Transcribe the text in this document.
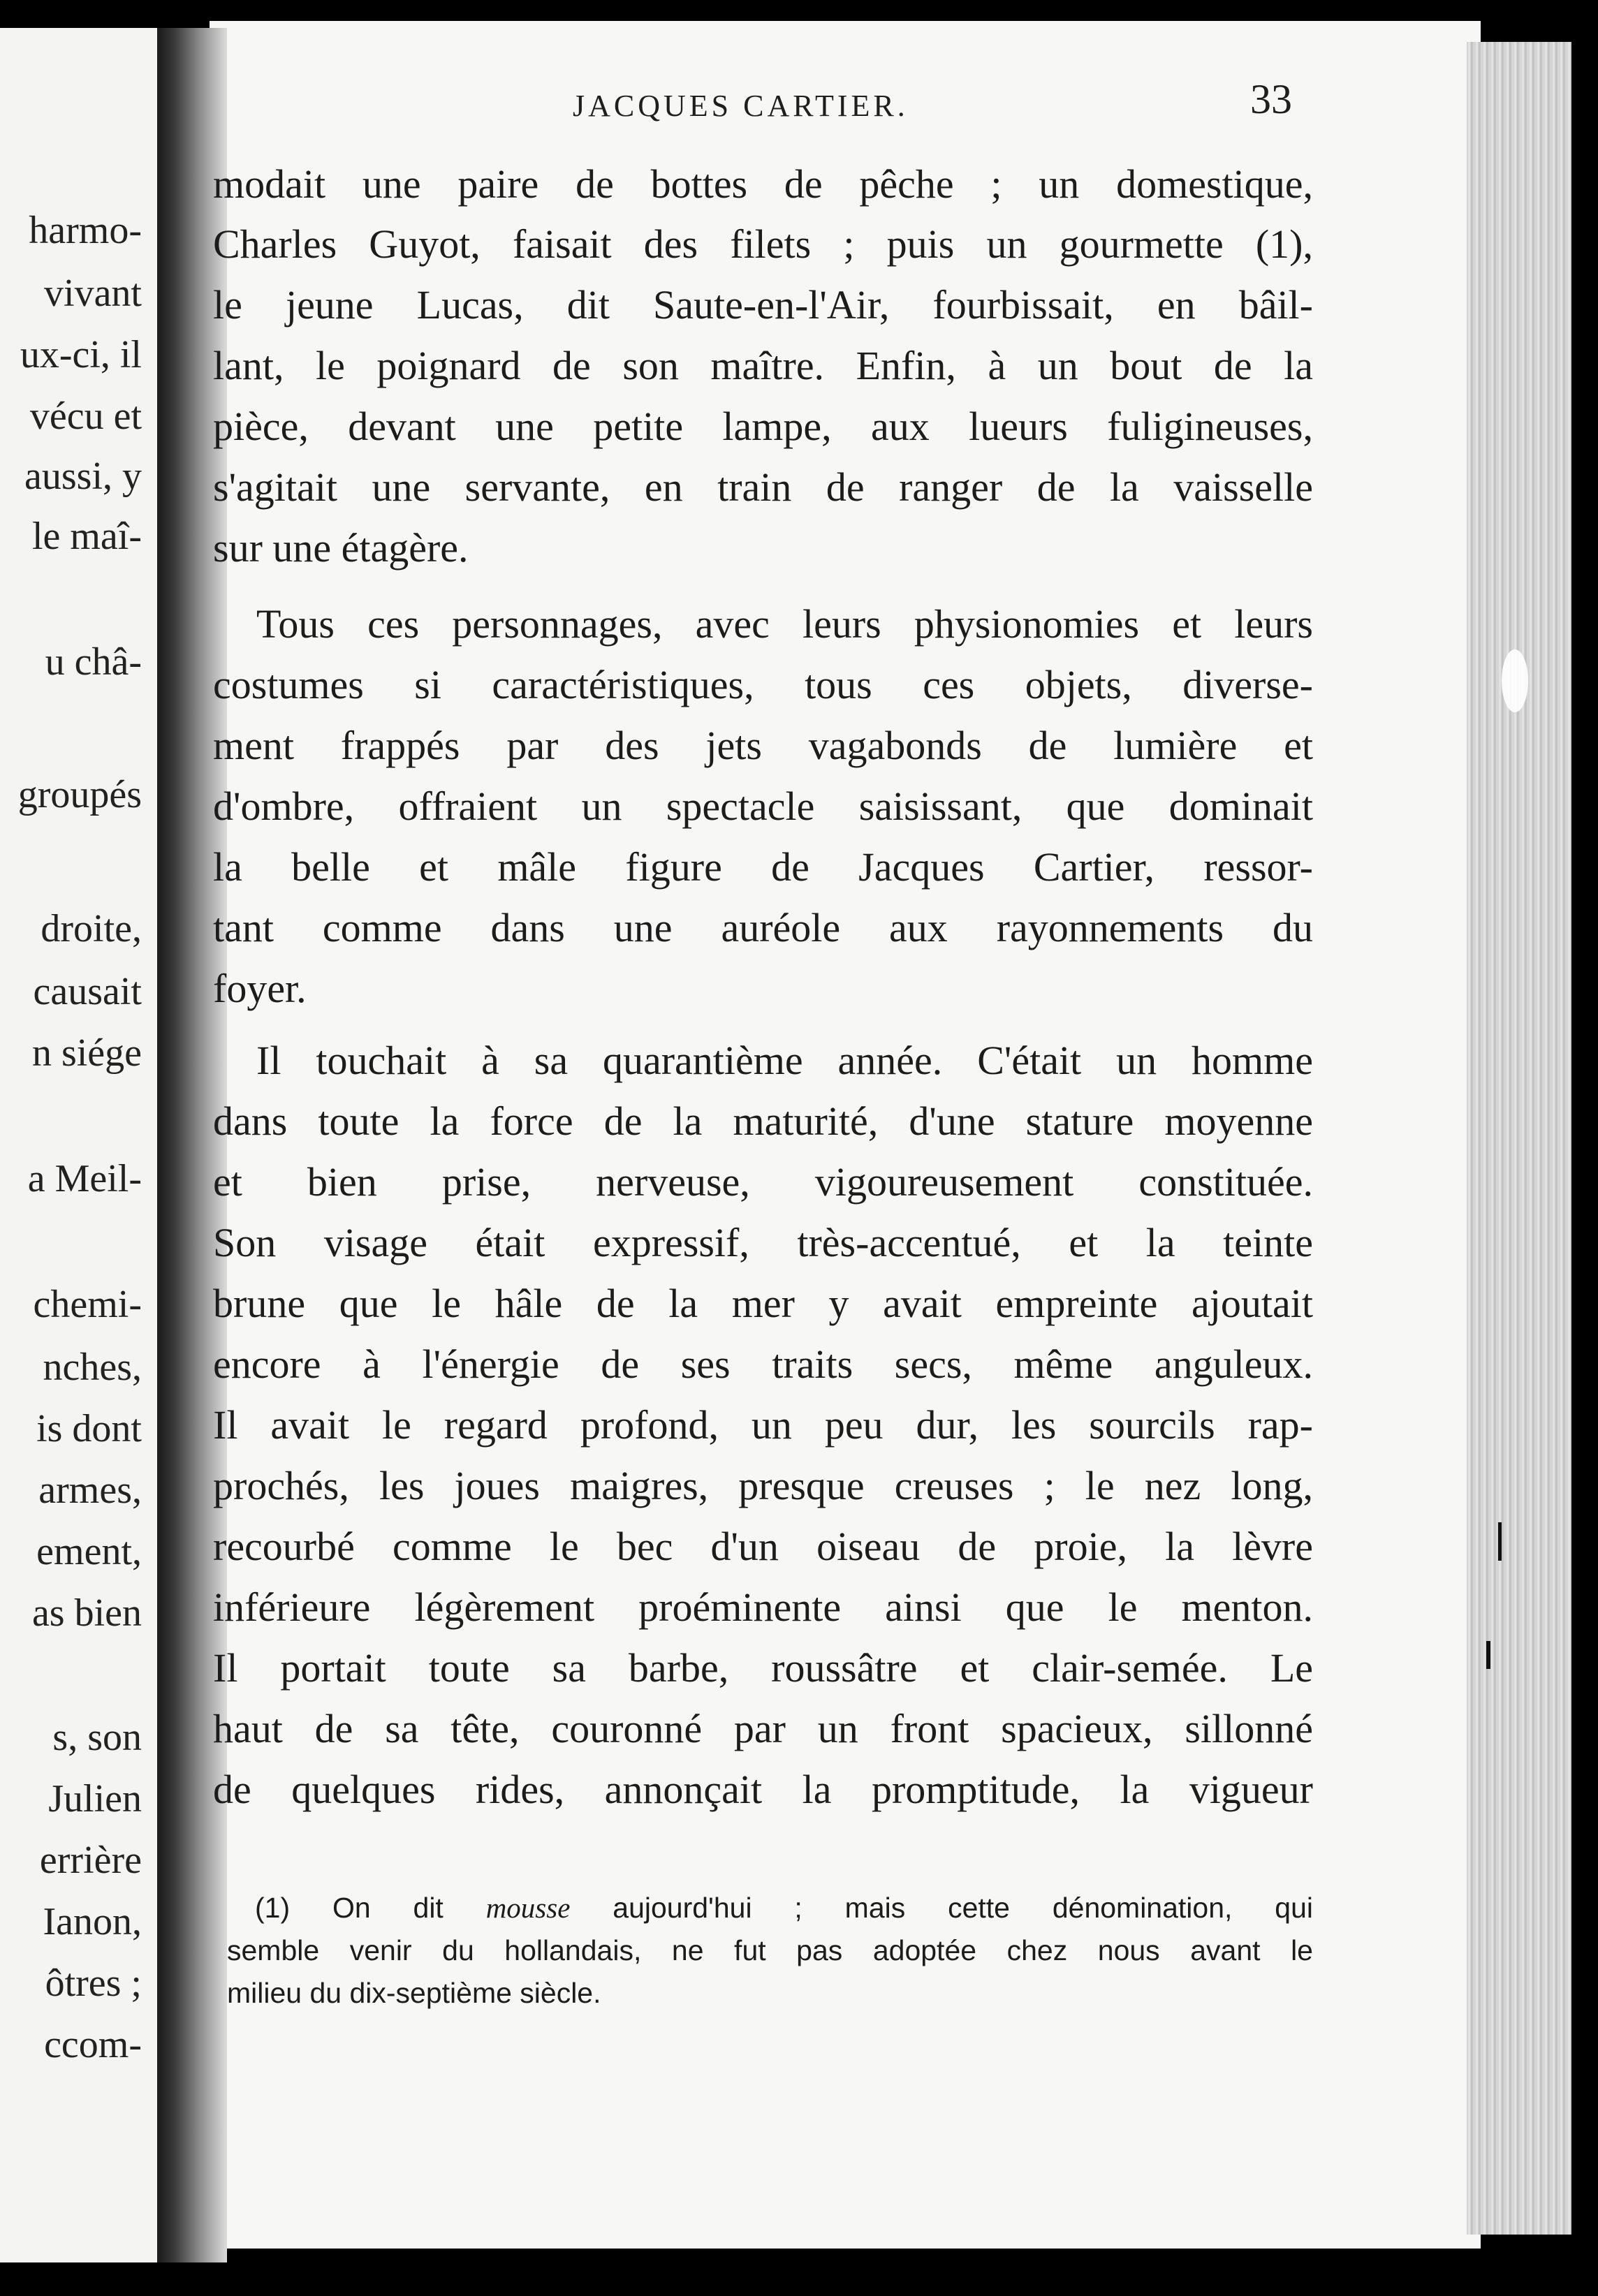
harmo-
vivant
ux-ci, il
vécu et
aussi, y
le maî-
u châ-
groupés
droite,
causait
n siége
a Meil-
chemi-
nches,
is dont
armes,
ement,
as bien
s, son
Julien
errière
Ianon,
ôtres ;
ccom-
JACQUES CARTIER.	33
modait une paire de bottes de pêche ; un domestique,
Charles Guyot, faisait des filets ; puis un gourmette (1),
le jeune Lucas, dit Saute-en-l'Air, fourbissait, en bâil-
lant, le poignard de son maître. Enfin, à un bout de la
pièce, devant une petite lampe, aux lueurs fuligineuses,
s'agitait une servante, en train de ranger de la vaisselle
sur une étagère.
Tous ces personnages, avec leurs physionomies et leurs
costumes si caractéristiques, tous ces objets, diverse-
ment frappés par des jets vagabonds de lumière et
d'ombre, offraient un spectacle saisissant, que dominait
la belle et mâle figure de Jacques Cartier, ressor-
tant comme dans une auréole aux rayonnements du
foyer.
Il touchait à sa quarantième année. C'était un homme
dans toute la force de la maturité, d'une stature moyenne
et bien prise, nerveuse, vigoureusement constituée.
Son visage était expressif, très-accentué, et la teinte
brune que le hâle de la mer y avait empreinte ajoutait
encore à l'énergie de ses traits secs, même anguleux.
Il avait le regard profond, un peu dur, les sourcils rap-
prochés, les joues maigres, presque creuses ; le nez long,
recourbé comme le bec d'un oiseau de proie, la lèvre
inférieure légèrement proéminente ainsi que le menton.
Il portait toute sa barbe, roussâtre et clair-semée. Le
haut de sa tête, couronné par un front spacieux, sillonné
de quelques rides, annonçait la promptitude, la vigueur
(1) On dit mousse aujourd'hui ; mais cette dénomination, qui
semble venir du hollandais, ne fut pas adoptée chez nous avant le
milieu du dix-septième siècle.
